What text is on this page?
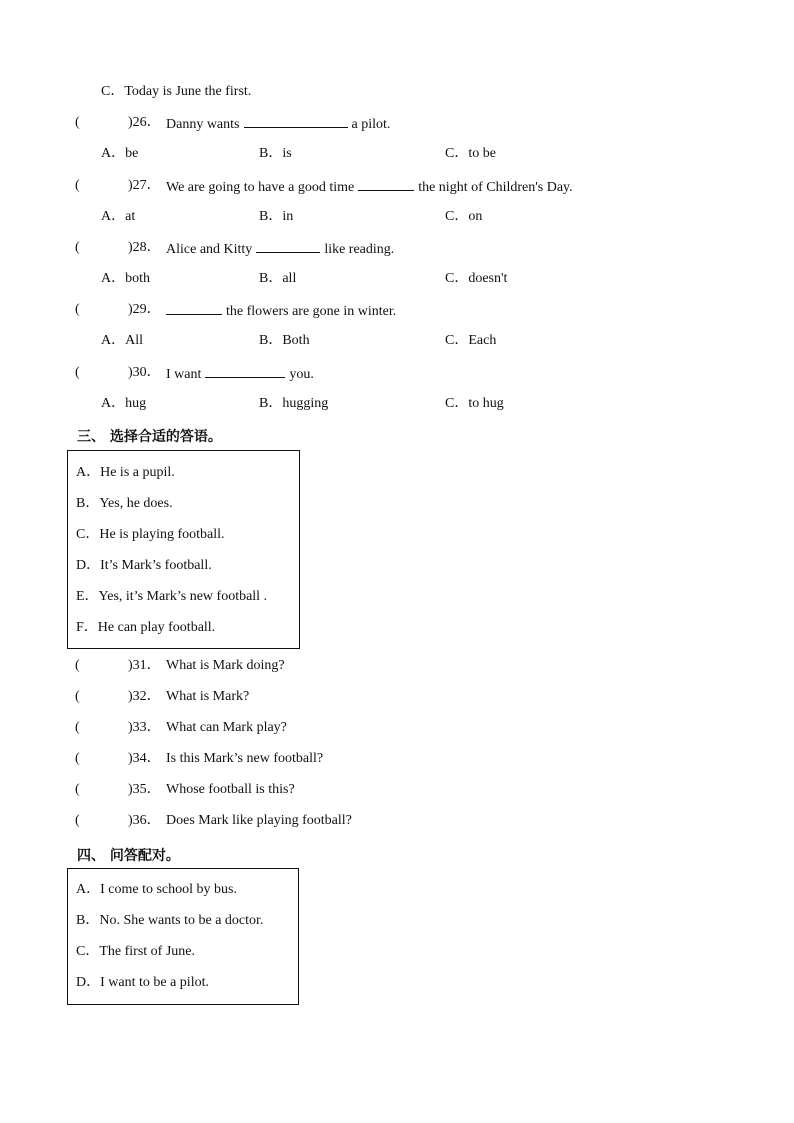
C．Today is June the first.
(	)26． Danny wants	a pilot.
A．be	B．is	C．to be
(	)27． We are going to have a good time	the night of Children's Day.
A．at	B．in	C．on
(	)28． Alice and Kitty	like reading.
A．both	B．all	C．doesn't
(	)29．	the flowers are gone in winter.
A．All	B．Both	C．Each
(	)30． I want	you.
A．hug	B．hugging	C．to hug
三、 选择合适的答语。
A．He is a pupil.
B．Yes, he does.
C．He is playing football.
D．It’s Mark’s football.
E．Yes, it’s Mark’s new football .
F．He can play football.
(	)31． What is Mark doing?
(	)32． What is Mark?
(	)33． What can Mark play?
(	)34． Is this Mark’s new football?
(	)35． Whose football is this?
(	)36． Does Mark like playing football?
四、 问答配对。
A．I come to school by bus.
B．No. She wants to be a doctor.
C．The first of June.
D．I want to be a pilot.
